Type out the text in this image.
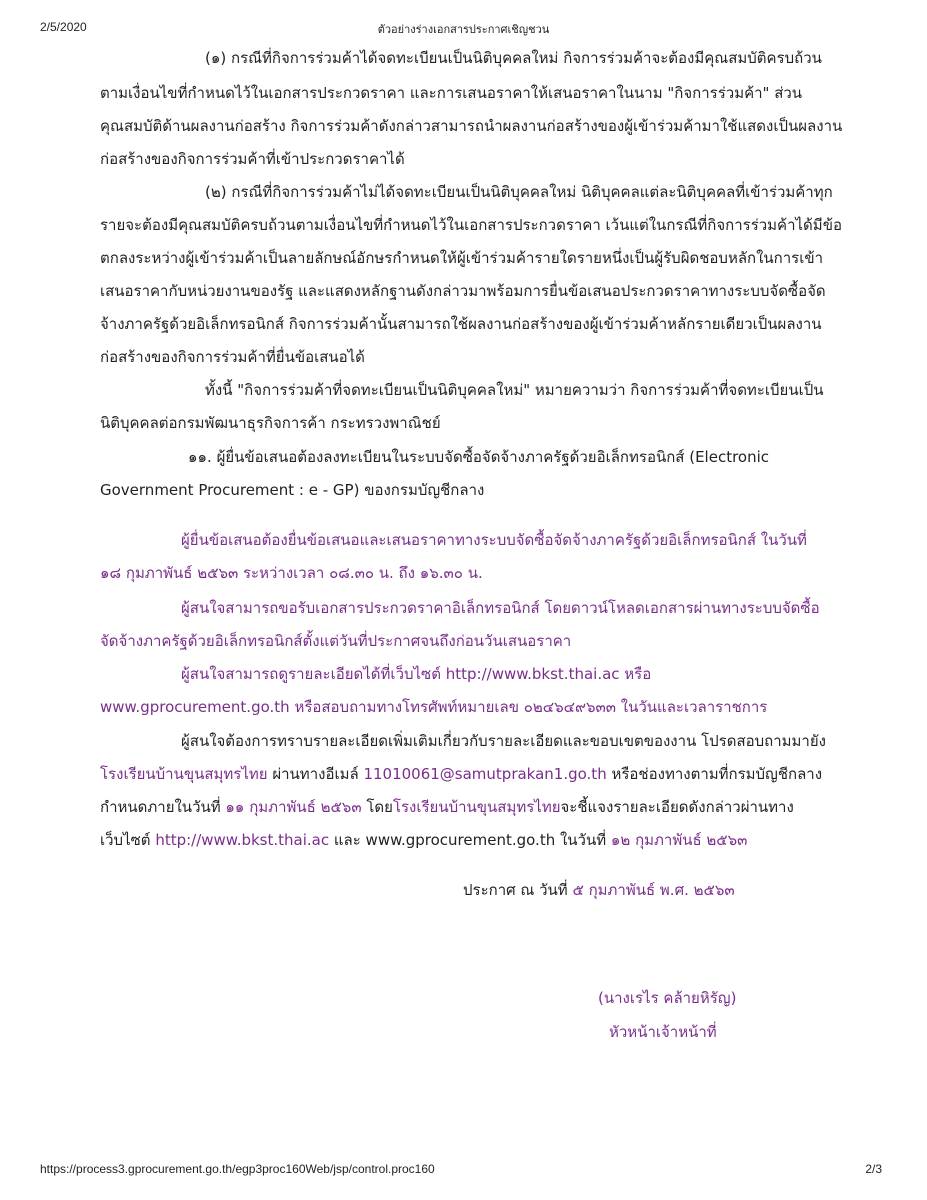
2/5/2020	ตัวอย่างร่างเอกสารประกาศเชิญชวน
(๑) กรณีที่กิจการร่วมค้าได้จดทะเบียนเป็นนิติบุคคลใหม่ กิจการร่วมค้าจะต้องมีคุณสมบัติครบถ้วน
ตามเงื่อนไขที่กำหนดไว้ในเอกสารประกวดราคา และการเสนอราคาให้เสนอราคาในนาม "กิจการร่วมค้า" ส่วน
คุณสมบัติด้านผลงานก่อสร้าง กิจการร่วมค้าดังกล่าวสามารถนำผลงานก่อสร้างของผู้เข้าร่วมค้ามาใช้แสดงเป็นผลงาน
ก่อสร้างของกิจการร่วมค้าที่เข้าประกวดราคาได้
(๒) กรณีที่กิจการร่วมค้าไม่ได้จดทะเบียนเป็นนิติบุคคลใหม่ นิติบุคคลแต่ละนิติบุคคลที่เข้าร่วมค้าทุก
รายจะต้องมีคุณสมบัติครบถ้วนตามเงื่อนไขที่กำหนดไว้ในเอกสารประกวดราคา เว้นแต่ในกรณีที่กิจการร่วมค้าได้มีข้อ
ตกลงระหว่างผู้เข้าร่วมค้าเป็นลายลักษณ์อักษรกำหนดให้ผู้เข้าร่วมค้ารายใดรายหนึ่งเป็นผู้รับผิดชอบหลักในการเข้า
เสนอราคากับหน่วยงานของรัฐ และแสดงหลักฐานดังกล่าวมาพร้อมการยื่นข้อเสนอประกวดราคาทางระบบจัดซื้อจัด
จ้างภาครัฐด้วยอิเล็กทรอนิกส์ กิจการร่วมค้านั้นสามารถใช้ผลงานก่อสร้างของผู้เข้าร่วมค้าหลักรายเดียวเป็นผลงาน
ก่อสร้างของกิจการร่วมค้าที่ยื่นข้อเสนอได้
ทั้งนี้ "กิจการร่วมค้าที่จดทะเบียนเป็นนิติบุคคลใหม่" หมายความว่า กิจการร่วมค้าที่จดทะเบียนเป็น
นิติบุคคลต่อกรมพัฒนาธุรกิจการค้า กระทรวงพาณิชย์
๑๑. ผู้ยื่นข้อเสนอต้องลงทะเบียนในระบบจัดซื้อจัดจ้างภาครัฐด้วยอิเล็กทรอนิกส์ (Electronic
Government Procurement : e - GP) ของกรมบัญชีกลาง
ผู้ยื่นข้อเสนอต้องยื่นข้อเสนอและเสนอราคาทางระบบจัดซื้อจัดจ้างภาครัฐด้วยอิเล็กทรอนิกส์ ในวันที่
๑๘ กุมภาพันธ์ ๒๕๖๓ ระหว่างเวลา ๐๘.๓๐ น. ถึง ๑๖.๓๐ น.
ผู้สนใจสามารถขอรับเอกสารประกวดราคาอิเล็กทรอนิกส์ โดยดาวน์โหลดเอกสารผ่านทางระบบจัดซื้อ
จัดจ้างภาครัฐด้วยอิเล็กทรอนิกส์ตั้งแต่วันที่ประกาศจนถึงก่อนวันเสนอราคา
ผู้สนใจสามารถดูรายละเอียดได้ที่เว็บไซต์ http://www.bkst.thai.ac หรือ
www.gprocurement.go.th หรือสอบถามทางโทรศัพท์หมายเลข ๐๒๔๖๔๙๖๓๓ ในวันและเวลาราชการ
ผู้สนใจต้องการทราบรายละเอียดเพิ่มเติมเกี่ยวกับรายละเอียดและขอบเขตของงาน โปรดสอบถามมายัง
โรงเรียนบ้านขุนสมุทรไทย ผ่านทางอีเมล์ 11010061@samutprakan1.go.th หรือช่องทางตามที่กรมบัญชีกลาง
กำหนดภายในวันที่ ๑๑ กุมภาพันธ์ ๒๕๖๓ โดยโรงเรียนบ้านขุนสมุทรไทยจะชี้แจงรายละเอียดดังกล่าวผ่านทาง
เว็บไซต์ http://www.bkst.thai.ac และ www.gprocurement.go.th ในวันที่ ๑๒ กุมภาพันธ์ ๒๕๖๓
ประกาศ ณ วันที่ ๕ กุมภาพันธ์ พ.ศ. ๒๕๖๓
(นางเรไร คล้ายหิรัญ)
หัวหน้าเจ้าหน้าที่
https://process3.gprocurement.go.th/egp3proc160Web/jsp/control.proc160	2/3
